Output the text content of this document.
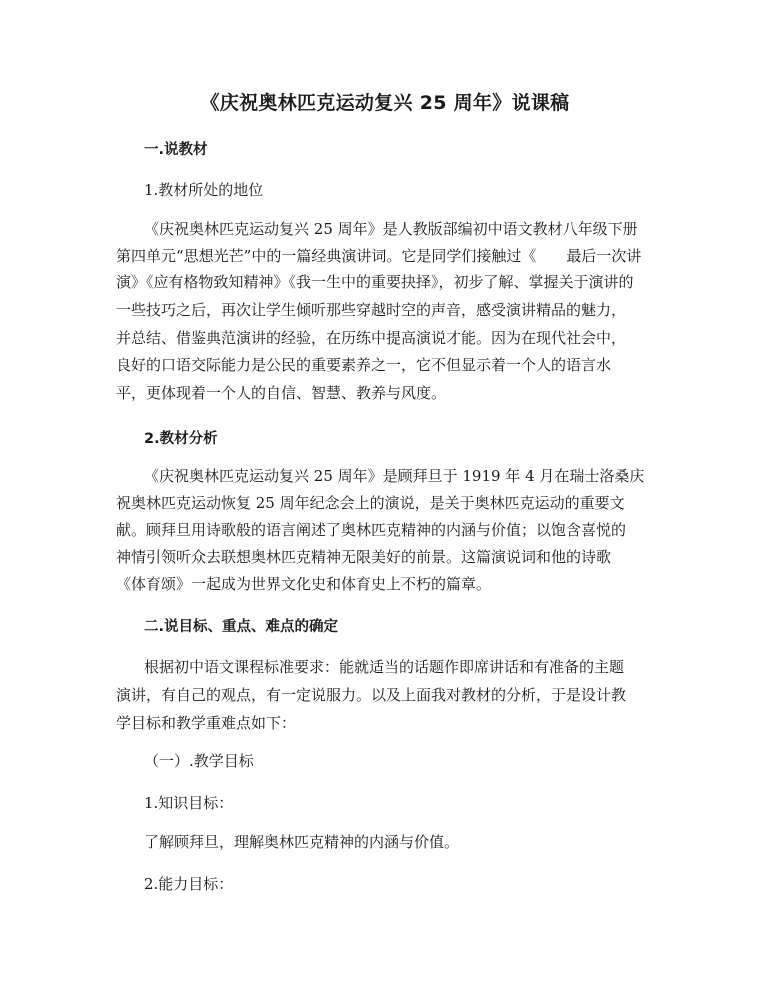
《庆祝奥林匹克运动复兴 25 周年》说课稿
一.说教材
1.教材所处的地位
《庆祝奥林匹克运动复兴 25 周年》是人教版部编初中语文教材八年级下册
第四单元“思想光芒”中的一篇经典演讲词。它是同学们接触过《　　最后一次讲
演》《应有格物致知精神》《我一生中的重要抉择》，初步了解、掌握关于演讲的
一些技巧之后，再次让学生倾听那些穿越时空的声音，感受演讲精品的魅力，
并总结、借鉴典范演讲的经验，在历练中提高演说才能。因为在现代社会中，
良好的口语交际能力是公民的重要素养之一，它不但显示着一个人的语言水
平，更体现着一个人的自信、智慧、教养与风度。
2.教材分析
《庆祝奥林匹克运动复兴 25 周年》是顾拜旦于 1919 年 4 月在瑞士洛桑庆
祝奥林匹克运动恢复 25 周年纪念会上的演说，是关于奥林匹克运动的重要文
献。顾拜旦用诗歌般的语言阐述了奥林匹克精神的内涵与价值；以饱含喜悦的
神情引领听众去联想奥林匹克精神无限美好的前景。这篇演说词和他的诗歌
《体育颂》一起成为世界文化史和体育史上不朽的篇章。
二.说目标、重点、难点的确定
根据初中语文课程标准要求：能就适当的话题作即席讲话和有准备的主题
演讲，有自己的观点，有一定说服力。以及上面我对教材的分析，于是设计教
学目标和教学重难点如下：
（一）.教学目标
1.知识目标：
了解顾拜旦，理解奥林匹克精神的内涵与价值。
2.能力目标：
